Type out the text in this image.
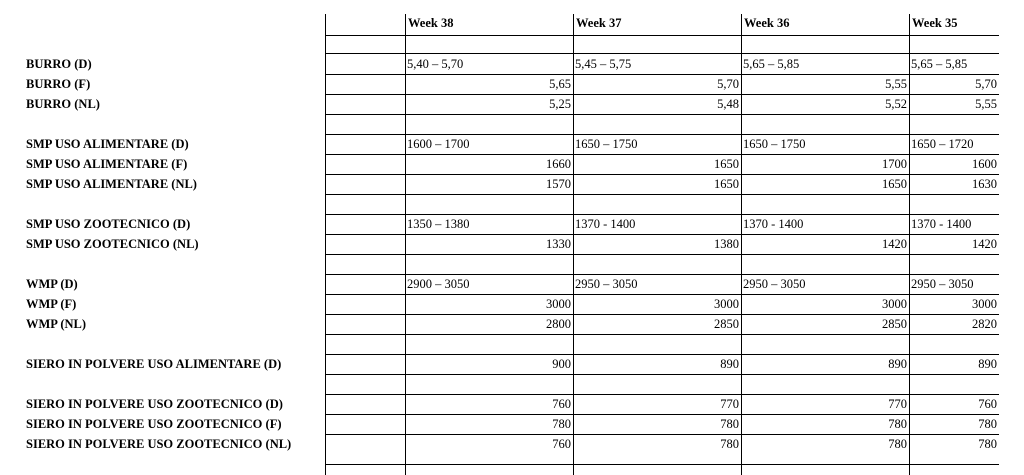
Week 38	Week 37	Week 36	Week 35
BURRO (D)	5,40 – 5,70	5,45 – 5,75	5,65 – 5,85	5,65 – 5,85
BURRO (F)	5,65	5,70	5,55	5,70
BURRO (NL)	5,25	5,48	5,52	5,55
SMP USO ALIMENTARE (D)	1600 – 1700	1650 – 1750	1650 – 1750	1650 – 1720
SMP USO ALIMENTARE (F)	1660	1650	1700	1600
SMP USO ALIMENTARE (NL)	1570	1650	1650	1630
SMP USO ZOOTECNICO (D)	1350 – 1380	1370 - 1400	1370 - 1400	1370 - 1400
SMP USO ZOOTECNICO (NL)	1330	1380	1420	1420
WMP (D)	2900 – 3050	2950 – 3050	2950 – 3050	2950 – 3050
WMP (F)	3000	3000	3000	3000
WMP (NL)	2800	2850	2850	2820
SIERO IN POLVERE USO ALIMENTARE (D)	900	890	890	890
SIERO IN POLVERE USO ZOOTECNICO (D)	760	770	770	760
SIERO IN POLVERE USO ZOOTECNICO (F)	780	780	780	780
SIERO IN POLVERE USO ZOOTECNICO (NL)	760	780	780	780
